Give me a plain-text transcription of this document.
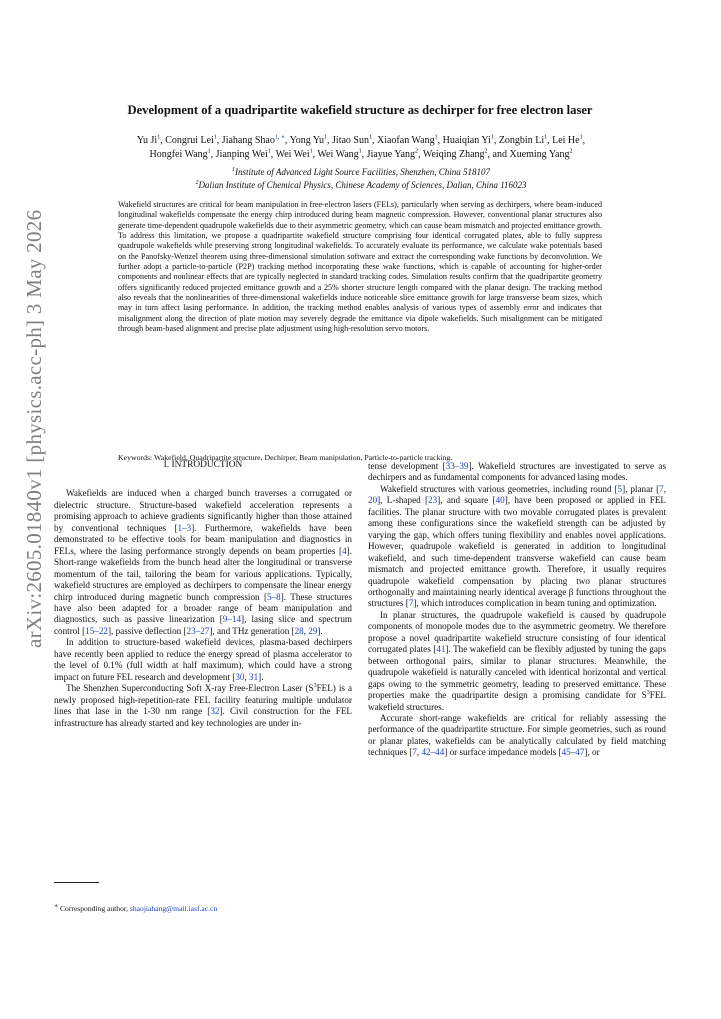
arXiv:2605.01840v1 [physics.acc-ph] 3 May 2026
Development of a quadripartite wakefield structure as dechirper for free electron laser
Yu Ji$^1$, Congrui Lei$^1$, Jiahang Shao$^{1, ∗}$, Yong Yu$^1$, Jitao Sun$^1$, Xiaofan Wang$^1$, Huaiqian Yi$^1$, Zongbin Li$^1$, Lei He$^1$,
Hongfei Wang$^1$, Jianping Wei$^1$, Wei Wei$^1$, Wei Wang$^1$, Jiayue Yang$^2$, Weiqing Zhang$^2$, and Xueming Yang$^2$
$^1$Institute of Advanced Light Source Facilities, Shenzhen, China 518107
$^2$Dalian Institute of Chemical Physics, Chinese Academy of Sciences, Dalian, China 116023
Wakefield structures are critical for beam manipulation in free-electron lasers (FELs), particularly when serving as dechirpers, where beam-induced longitudinal wakefields compensate the energy chirp introduced during beam magnetic compression. However, conventional planar structures also generate time-dependent quadrupole wakefields due to their asymmetric geometry, which can cause beam mismatch and projected emittance growth. To address this limitation, we propose a quadripartite wakefield structure comprising four identical corrugated plates, able to fully suppress quadrupole wakefields while preserving strong longitudinal wakefields. To accurately evaluate its performance, we calculate wake potentials based on the Panofsky-Wenzel theorem using three-dimensional simulation software and extract the corresponding wake functions by deconvolution. We further adopt a particle-to-particle (P2P) tracking method incorporating these wake functions, which is capable of accounting for higher-order components and nonlinear effects that are typically neglected in standard tracking codes. Simulation results confirm that the quadripartite geometry offers significantly reduced projected emittance growth and a 25% shorter structure length compared with the planar design. The tracking method also reveals that the nonlinearities of three-dimensional wakefields induce noticeable slice emittance growth for large transverse beam sizes, which may in turn affect lasing performance. In addition, the tracking method enables analysis of various types of assembly error and indicates that misalignment along the direction of plate motion may severely degrade the emittance via dipole wakefields. Such misalignment can be mitigated through beam-based alignment and precise plate adjustment using high-resolution servo motors.
Keywords: Wakefield, Quadripartite structure, Dechirper, Beam manipulation, Particle-to-particle tracking.
I. INTRODUCTION

Wakefields are induced when a charged bunch traverses a corrugated or dielectric structure. Structure-based wakefield acceleration represents a promising approach to achieve gradients significantly higher than those attained by conventional techniques [1–3]. Furthermore, wakefields have been demonstrated to be effective tools for beam manipulation and diagnostics in FELs, where the lasing performance strongly depends on beam properties [4]. Short-range wakefields from the bunch head alter the longitudinal or transverse momentum of the tail, tailoring the beam for various applications. Typically, wakefield structures are employed as dechirpers to compensate the linear energy chirp introduced during magnetic bunch compression [5–8]. These structures have also been adapted for a broader range of beam manipulation and diagnostics, such as passive linearization [9–14], lasing slice and spectrum control [15–22], passive deflection [23–27], and THz generation [28, 29].

In addition to structure-based wakefield devices, plasma-based dechirpers have recently been applied to reduce the energy spread of plasma accelerator to the level of 0.1% (full width at half maximum), which could have a strong impact on future FEL research and development [30, 31].

The Shenzhen Superconducting Soft X-ray Free-Electron Laser $(S^3FEL)$ is a newly proposed high-repetition-rate FEL facility featuring multiple undulator lines that lase in the 1-30 nm range [32]. Civil construction for the FEL infrastructure has already started and key technologies are under in-

tense development [33–39]. Wakefield structures are investigated to serve as dechirpers and as fundamental components for advanced lasing modes.

Wakefield structures with various geometries, including round [5], planar [7, 20], L-shaped [23], and square [40], have been proposed or applied in FEL facilities. The planar structure with two movable corrugated plates is prevalent among these configurations since the wakefield strength can be adjusted by varying the gap, which offers tuning flexibility and enables novel applications. However, quadrupole wakefield is generated in addition to longitudinal wakefield, and such time-dependent transverse wakefield can cause beam mismatch and projected emittance growth. Therefore, it usually requires quadrupole wakefield compensation by placing two planar structures orthogonally and maintaining nearly identical average β functions throughout the structures [7], which introduces complication in beam tuning and optimization.

In planar structures, the quadrupole wakefield is caused by quadrupole components of monopole modes due to the asymmetric geometry. We therefore propose a novel quadripartite wakefield structure consisting of four identical corrugated plates [41]. The wakefield can be flexibly adjusted by tuning the gaps between orthogonal pairs, similar to planar structures. Meanwhile, the quadrupole wakefield is naturally canceled with identical horizontal and vertical gaps owing to the symmetric geometry, leading to preserved emittance. These properties make the quadripartite design a promising candidate for $S^3FEL$ wakefield structures.

Accurate short-range wakefields are critical for reliably assessing the performance of the quadripartite structure. For simple geometries, such as round or planar plates, wakefields can be analytically calculated by field matching techniques [7, 42–44] or surface impedance models [45–47], or

∗ Corresponding author, shaojiahang@mail.iasf.ac.cn
